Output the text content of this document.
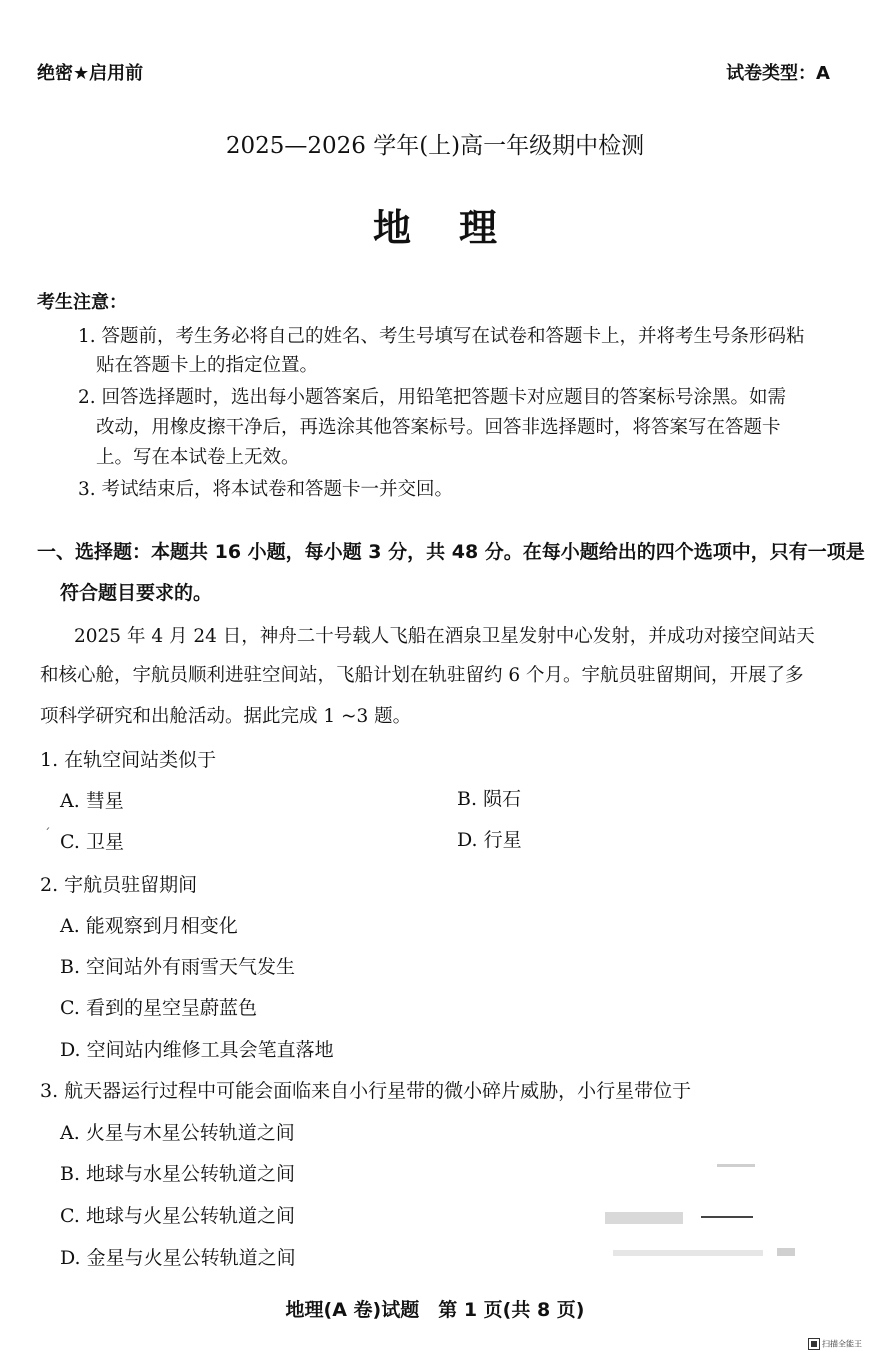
绝密★启用前	试卷类型：A
2025—2026 学年(上)高一年级期中检测
地理
考生注意：
1. 答题前，考生务必将自己的姓名、考生号填写在试卷和答题卡上，并将考生号条形码粘
贴在答题卡上的指定位置。
2. 回答选择题时，选出每小题答案后，用铅笔把答题卡对应题目的答案标号涂黑。如需
改动，用橡皮擦干净后，再选涂其他答案标号。回答非选择题时，将答案写在答题卡
上。写在本试卷上无效。
3. 考试结束后，将本试卷和答题卡一并交回。
一、选择题：本题共 16 小题，每小题 3 分，共 48 分。在每小题给出的四个选项中，只有一项是
符合题目要求的。
2025 年 4 月 24 日，神舟二十号载人飞船在酒泉卫星发射中心发射，并成功对接空间站天
和核心舱，宇航员顺利进驻空间站，飞船计划在轨驻留约 6 个月。宇航员驻留期间，开展了多
项科学研究和出舱活动。据此完成 1 ~3 题。
1. 在轨空间站类似于
A. 彗星	B. 陨石
ˊ C. 卫星	D. 行星
2. 宇航员驻留期间
A. 能观察到月相变化
B. 空间站外有雨雪天气发生
C. 看到的星空呈蔚蓝色
D. 空间站内维修工具会笔直落地
3. 航天器运行过程中可能会面临来自小行星带的微小碎片威胁，小行星带位于
A. 火星与木星公转轨道之间
B. 地球与水星公转轨道之间
C. 地球与火星公转轨道之间
D. 金星与火星公转轨道之间
地理(A 卷)试题　第 1 页(共 8 页)
扫描全能王
